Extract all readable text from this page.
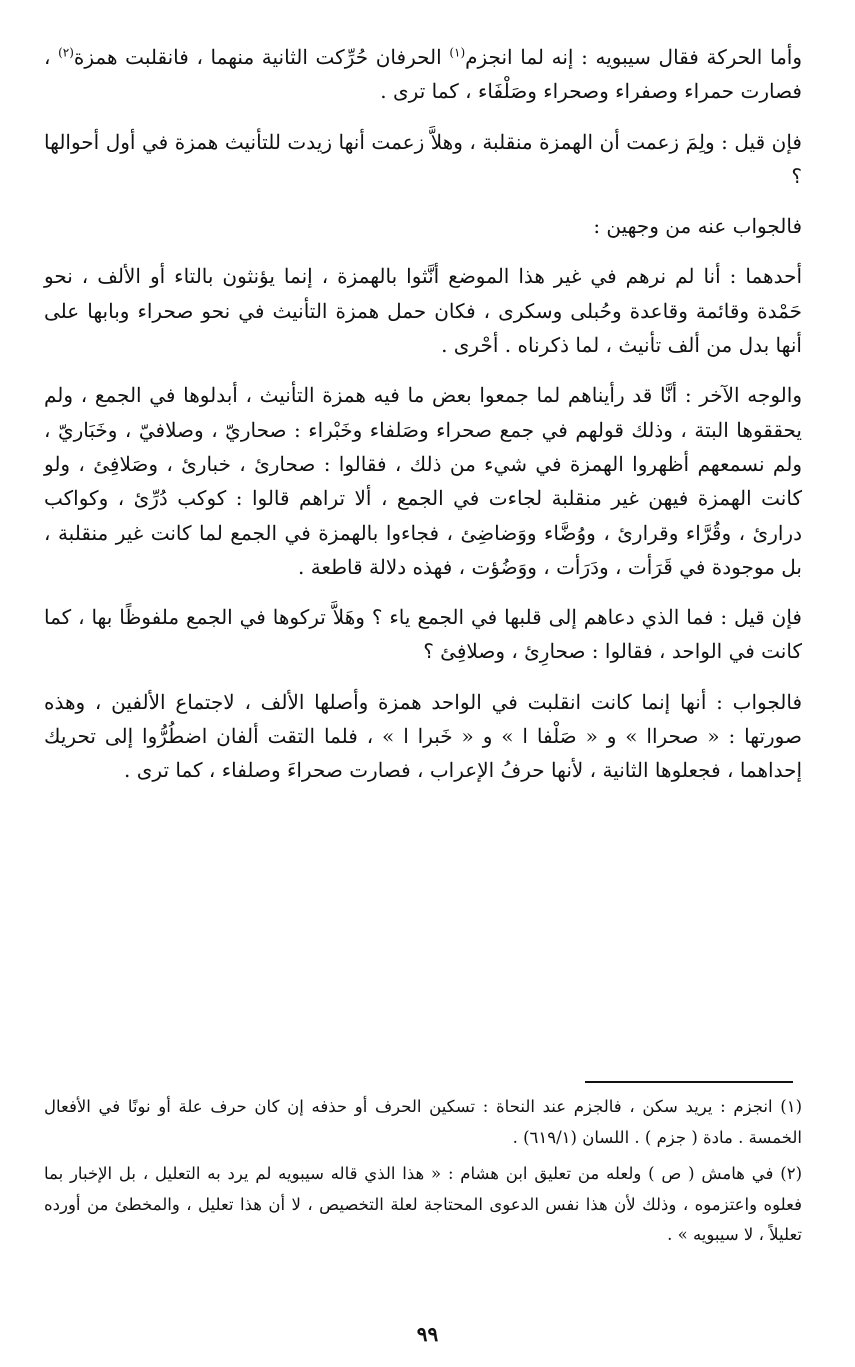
وأما الحركة فقال سيبويه : إنه لما انجزم$^{(١)}$ الحرفان حُرِّكت الثانية منهما ، فانقلبت همزة$^{(٢)}$ ، فصارت حمراء وصفراء وصحراء وصَلْفَاء ، كما ترى .

فإن قيل : ولِمَ زعمت أن الهمزة منقلبة ، وهلاَّ زعمت أنها زيدت للتأنيث همزة في أول أحوالها ؟

فالجواب عنه من وجهين :

أحدهما : أنا لم نرهم في غير هذا الموضع أنَّثوا بالهمزة ، إنما يؤنثون بالتاء أو الألف ، نحو حَمْدة وقائمة وقاعدة وحُبلى وسكرى ، فكان حمل همزة التأنيث في نحو صحراء وبابها على أنها بدل من ألف تأنيث ، لما ذكرناه . أحْرى .

والوجه الآخر : أنَّا قد رأيناهم لما جمعوا بعض ما فيه همزة التأنيث ، أبدلوها في الجمع ، ولم يحققوها البتة ، وذلك قولهم في جمع صحراء وصَلفاء وخَبْراء : صحاريّ ، وصلافيّ ، وخَبَاريّ ، ولم نسمعهم أظهروا الهمزة في شيء من ذلك ، فقالوا : صحارئ ، خبارئ ، وصَلافِئ ، ولو كانت الهمزة فيهن غير منقلبة لجاءت في الجمع ، ألا تراهم قالوا : كوكب دُرِّئ ، وكواكب درارئ ، وقُرَّاء وقرارئ ، ووُضَّاء ووَضاضِئ ، فجاءوا بالهمزة في الجمع لما كانت غير منقلبة ، بل موجودة في قَرَأت ، ودَرَأت ، ووَضُؤت ، فهذه دلالة قاطعة .

فإن قيل : فما الذي دعاهم إلى قلبها في الجمع ياء ؟ وهَلاَّ تركوها في الجمع ملفوظًا بها ، كما كانت في الواحد ، فقالوا : صحارِئ ، وصلافِئ ؟

فالجواب : أنها إنما كانت انقلبت في الواحد همزة وأصلها الألف ، لاجتماع الألفين ، وهذه صورتها : « صحراا » و « صَلْفا ا » و « خَبرا ا » ، فلما التقت ألفان اضطُرُّوا إلى تحريك إحداهما ، فجعلوها الثانية ، لأنها حرفُ الإعراب ، فصارت صحراءَ وصلفاء ، كما ترى .

(١) انجزم : يريد سكن ، فالجزم عند النحاة : تسكين الحرف أو حذفه إن كان حرف علة أو نونًا في الأفعال الخمسة . مادة ( جزم ) . اللسان (٦١٩/١) .

(٢) في هامش ( ص ) ولعله من تعليق ابن هشام : « هذا الذي قاله سيبويه لم يرد به التعليل ، بل الإخبار بما فعلوه واعتزموه ، وذلك لأن هذا نفس الدعوى المحتاجة لعلة التخصيص ، لا أن هذا تعليل ، والمخطئ من أورده تعليلاً ، لا سيبويه » .

٩٩
